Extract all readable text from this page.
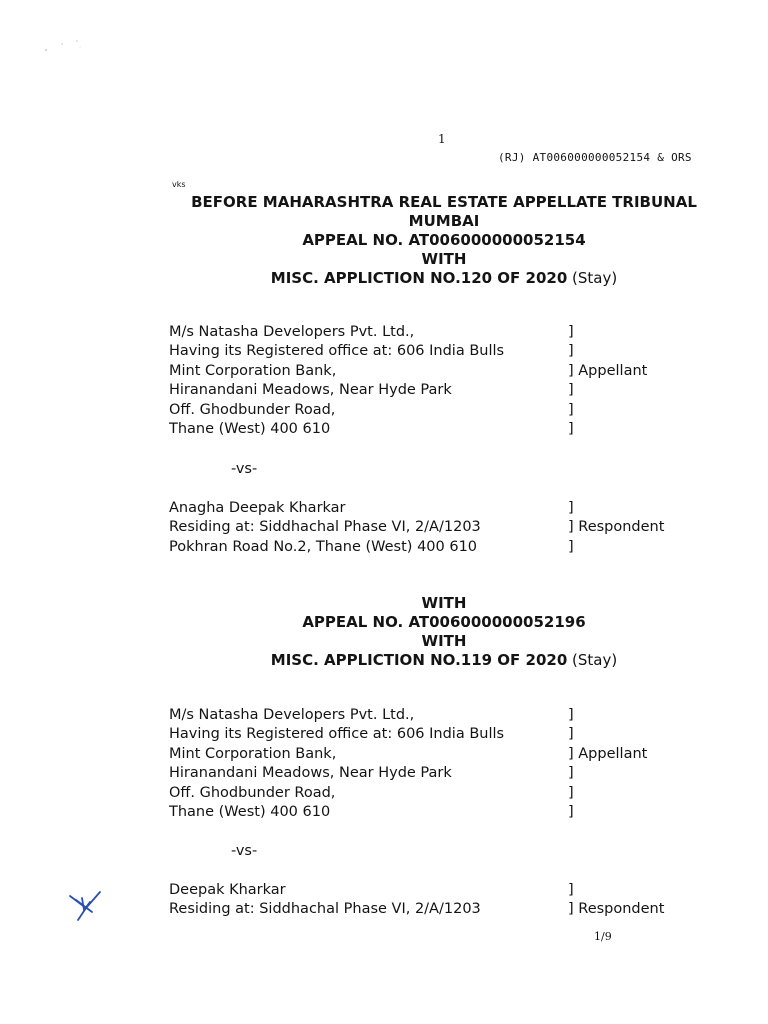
1
(RJ) AT006000000052154 & ORS
vks
BEFORE MAHARASHTRA REAL ESTATE APPELLATE TRIBUNAL
MUMBAI
APPEAL NO. AT006000000052154
WITH
MISC. APPLICTION NO.120 OF 2020 (Stay)
M/s Natasha Developers Pvt. Ltd.,
Having its Registered office at: 606 India Bulls
Mint Corporation Bank,
Hiranandani Meadows, Near Hyde Park
Off. Ghodbunder Road,
Thane (West) 400 610
]
]
] Appellant
]
]
]
-vs-
Anagha Deepak Kharkar
Residing at: Siddhachal Phase VI, 2/A/1203
Pokhran Road No.2, Thane (West) 400 610
]
] Respondent
]
WITH
APPEAL NO. AT006000000052196
WITH
MISC. APPLICTION NO.119 OF 2020 (Stay)
M/s Natasha Developers Pvt. Ltd.,
Having its Registered office at: 606 India Bulls
Mint Corporation Bank,
Hiranandani Meadows, Near Hyde Park
Off. Ghodbunder Road,
Thane (West) 400 610
]
]
] Appellant
]
]
]
-vs-
Deepak Kharkar
Residing at: Siddhachal Phase VI, 2/A/1203
]
] Respondent
1/9
